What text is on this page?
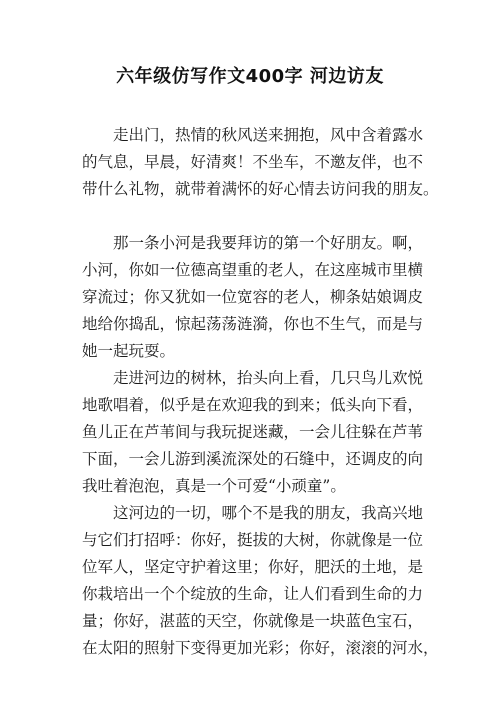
六年级仿写作文400字 河边访友
　　走出门，热情的秋风送来拥抱，风中含着露水
的气息，早晨，好清爽！不坐车，不邀友伴，也不
带什么礼物，就带着满怀的好心情去访问我的朋友。
　　那一条小河是我要拜访的第一个好朋友。啊，
小河，你如一位德高望重的老人，在这座城市里横
穿流过；你又犹如一位宽容的老人，柳条姑娘调皮
地给你捣乱，惊起荡荡涟漪，你也不生气，而是与
她一起玩耍。
　　走进河边的树林，抬头向上看，几只鸟儿欢悦
地歌唱着，似乎是在欢迎我的到来；低头向下看，
鱼儿正在芦苇间与我玩捉迷藏，一会儿往躲在芦苇
下面，一会儿游到溪流深处的石缝中，还调皮的向
我吐着泡泡，真是一个可爱“小顽童”。
　　这河边的一切，哪个不是我的朋友，我高兴地
与它们打招呼：你好，挺拔的大树，你就像是一位
位军人，坚定守护着这里；你好，肥沃的土地，是
你栽培出一个个绽放的生命，让人们看到生命的力
量；你好，湛蓝的天空，你就像是一块蓝色宝石，
在太阳的照射下变得更加光彩；你好，滚滚的河水，
